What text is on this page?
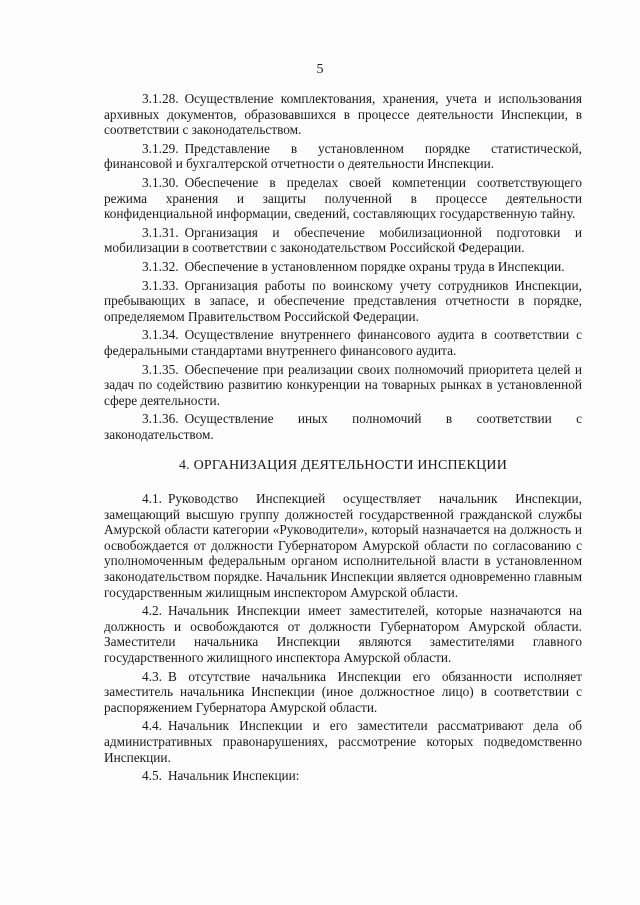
5

3.1.28. Осуществление комплектования, хранения, учета и использования архивных документов, образовавшихся в процессе деятельности Инспекции, в соответствии с законодательством.

3.1.29. Представление в установленном порядке статистической, финансовой и бухгалтерской отчетности о деятельности Инспекции.

3.1.30. Обеспечение в пределах своей компетенции соответствующего режима хранения и защиты полученной в процессе деятельности конфиденциальной информации, сведений, составляющих государственную тайну.

3.1.31. Организация и обеспечение мобилизационной подготовки и мобилизации в соответствии с законодательством Российской Федерации.

3.1.32. Обеспечение в установленном порядке охраны труда в Инспекции.

3.1.33. Организация работы по воинскому учету сотрудников Инспекции, пребывающих в запасе, и обеспечение представления отчетности в порядке, определяемом Правительством Российской Федерации.

3.1.34. Осуществление внутреннего финансового аудита в соответствии с федеральными стандартами внутреннего финансового аудита.

3.1.35. Обеспечение при реализации своих полномочий приоритета целей и задач по содействию развитию конкуренции на товарных рынках в установленной сфере деятельности.

3.1.36. Осуществление иных полномочий в соответствии с законодательством.

4. ОРГАНИЗАЦИЯ ДЕЯТЕЛЬНОСТИ ИНСПЕКЦИИ

4.1. Руководство Инспекцией осуществляет начальник Инспекции, замещающий высшую группу должностей государственной гражданской службы Амурской области категории «Руководители», который назначается на должность и освобождается от должности Губернатором Амурской области по согласованию с уполномоченным федеральным органом исполнительной власти в установленном законодательством порядке. Начальник Инспекции является одновременно главным государственным жилищным инспектором Амурской области.

4.2. Начальник Инспекции имеет заместителей, которые назначаются на должность и освобождаются от должности Губернатором Амурской области. Заместители начальника Инспекции являются заместителями главного государственного жилищного инспектора Амурской области.

4.3. В отсутствие начальника Инспекции его обязанности исполняет заместитель начальника Инспекции (иное должностное лицо) в соответствии с распоряжением Губернатора Амурской области.

4.4. Начальник Инспекции и его заместители рассматривают дела об административных правонарушениях, рассмотрение которых подведомственно Инспекции.

4.5. Начальник Инспекции:
